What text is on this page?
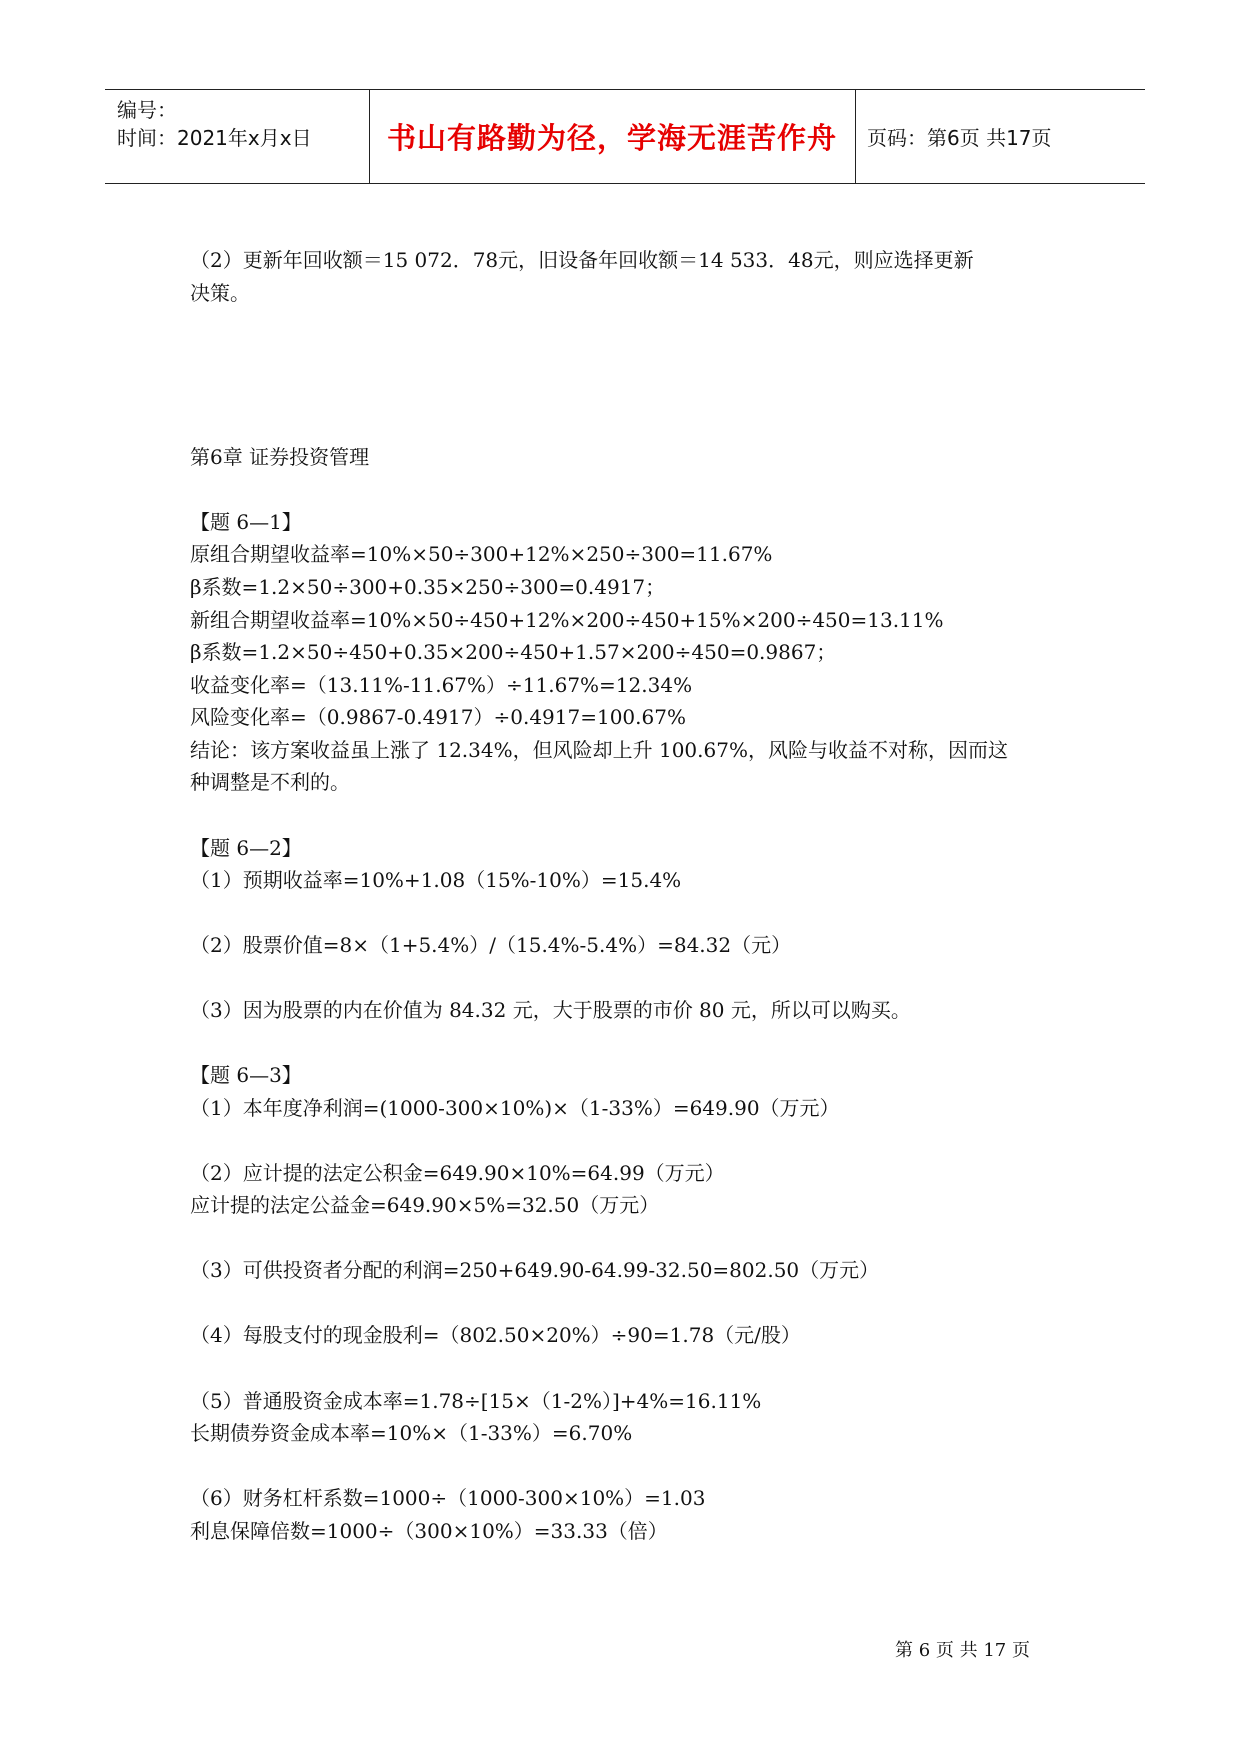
编号：
时间：2021年x月x日	书山有路勤为径，学海无涯苦作舟 页码：第6页 共17页
（2）更新年回收额＝15 072．78元，旧设备年回收额＝14 533．48元，则应选择更新
决策。
第6章 证券投资管理
【题 6—1】
原组合期望收益率=10%×50÷300+12%×250÷300=11.67%
β系数=1.2×50÷300+0.35×250÷300=0.4917；
新组合期望收益率=10%×50÷450+12%×200÷450+15%×200÷450=13.11%
β系数=1.2×50÷450+0.35×200÷450+1.57×200÷450=0.9867；
收益变化率=（13.11%-11.67%）÷11.67%=12.34%
风险变化率=（0.9867-0.4917）÷0.4917=100.67%
结论：该方案收益虽上涨了 12.34%，但风险却上升 100.67%，风险与收益不对称，因而这
种调整是不利的。
【题 6—2】
（1）预期收益率=10%+1.08（15%-10%）=15.4%
（2）股票价值=8×（1+5.4%）/（15.4%-5.4%）=84.32（元）
（3）因为股票的内在价值为 84.32 元，大于股票的市价 80 元，所以可以购买。
【题 6—3】
（1）本年度净利润=(1000-300×10%)×（1-33%）=649.90（万元）
（2）应计提的法定公积金=649.90×10%=64.99（万元）
应计提的法定公益金=649.90×5%=32.50（万元）
（3）可供投资者分配的利润=250+649.90-64.99-32.50=802.50（万元）
（4）每股支付的现金股利=（802.50×20%）÷90=1.78（元/股）
（5）普通股资金成本率=1.78÷[15×（1-2%）]+4%=16.11%
长期债券资金成本率=10%×（1-33%）=6.70%
（6）财务杠杆系数=1000÷（1000-300×10%）=1.03
利息保障倍数=1000÷（300×10%）=33.33（倍）
第 6 页 共 17 页
